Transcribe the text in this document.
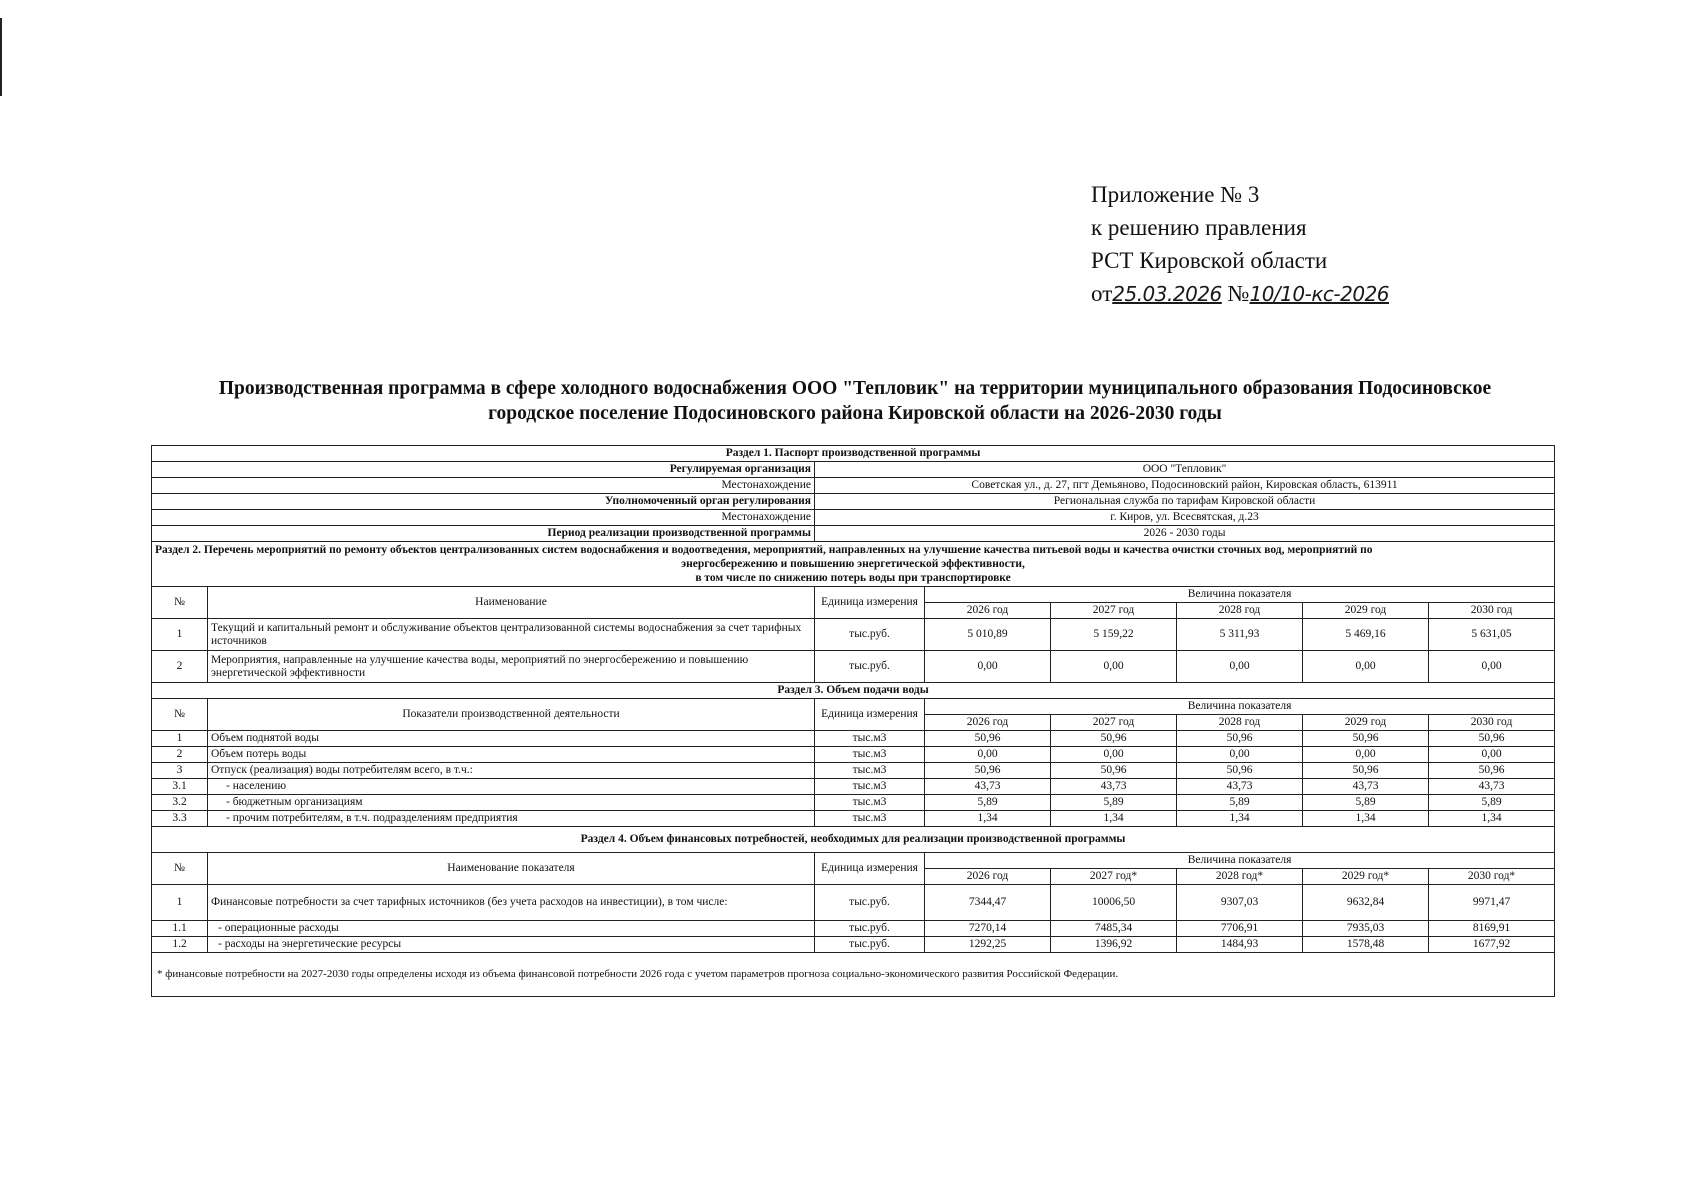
Приложение № 3
к решению правления
РСТ Кировской области
от25.03.2026 №10/10-кс-2026
Производственная программа в сфере холодного водоснабжения ООО "Тепловик" на территории муниципального образования Подосиновское
городское поселение Подосиновского района Кировской области на 2026-2030 годы
Раздел 1. Паспорт производственной программы							
Регулируемая организация		ООО "Тепловик"					
Местонахождение		Советская ул., д. 27, пгт Демьяново, Подосиновский район, Кировская область, 613911					
Уполномоченный орган регулирования		Региональная служба по тарифам Кировской области					
Местонахождение		г. Киров, ул. Всесвятская, д.23					
Период реализации производственной программы		2026 - 2030 годы					

Раздел 2. Перечень мероприятий по ремонту объектов централизованных систем водоснабжения и водоотведения, мероприятий, направленных на улучшение качества питьевой воды и качества очистки сточных вод, мероприятий по
энергосбережению и повышению энергетической эффективности,
в том числе по снижению потерь воды при транспортировке							

№	Наименование	Единица измерения	Величина показателя				
			2026 год	2027 год	2028 год	2029 год	2030 год
1	Текущий и капитальный ремонт и обслуживание объектов централизованной системы водоснабжения за счет тарифных источников	тыс.руб.	5 010,89	5 159,22	5 311,93	5 469,16	5 631,05
2	Мероприятия, направленные на улучшение качества воды, мероприятий по энергосбережению и повышению энергетической эффективности	тыс.руб.	0,00	0,00	0,00	0,00	0,00
Раздел 3. Объем подачи воды							
№	Показатели производственной деятельности	Единица измерения	Величина показателя				
			2026 год	2027 год	2028 год	2029 год	2030 год
1	Объем поднятой воды	тыс.м3	50,96	50,96	50,96	50,96	50,96
2	Объем потерь воды	тыс.м3	0,00	0,00	0,00	0,00	0,00
3	Отпуск (реализация) воды потребителям всего, в т.ч.:	тыс.м3	50,96	50,96	50,96	50,96	50,96
3.1	- населению	тыс.м3	43,73	43,73	43,73	43,73	43,73
3.2	- бюджетным организациям	тыс.м3	5,89	5,89	5,89	5,89	5,89
3.3	- прочим потребителям, в т.ч. подразделениям предприятия	тыс.м3	1,34	1,34	1,34	1,34	1,34
Раздел 4. Объем финансовых потребностей, необходимых для реализации производственной программы							
№	Наименование показателя	Единица измерения	Величина показателя				
			2026 год	2027 год*	2028 год*	2029 год*	2030 год*
1	Финансовые потребности за счет тарифных источников (без учета расходов на инвестиции), в том числе:	тыс.руб.	7344,47	10006,50	9307,03	9632,84	9971,47
1.1	- операционные расходы	тыс.руб.	7270,14	7485,34	7706,91	7935,03	8169,91
1.2	- расходы на энергетические ресурсы	тыс.руб.	1292,25	1396,92	1484,93	1578,48	1677,92
* финансовые потребности на 2027-2030 годы определены исходя из объема финансовой потребности 2026 года с учетом параметров прогноза социально-экономического развития Российской Федерации.							
